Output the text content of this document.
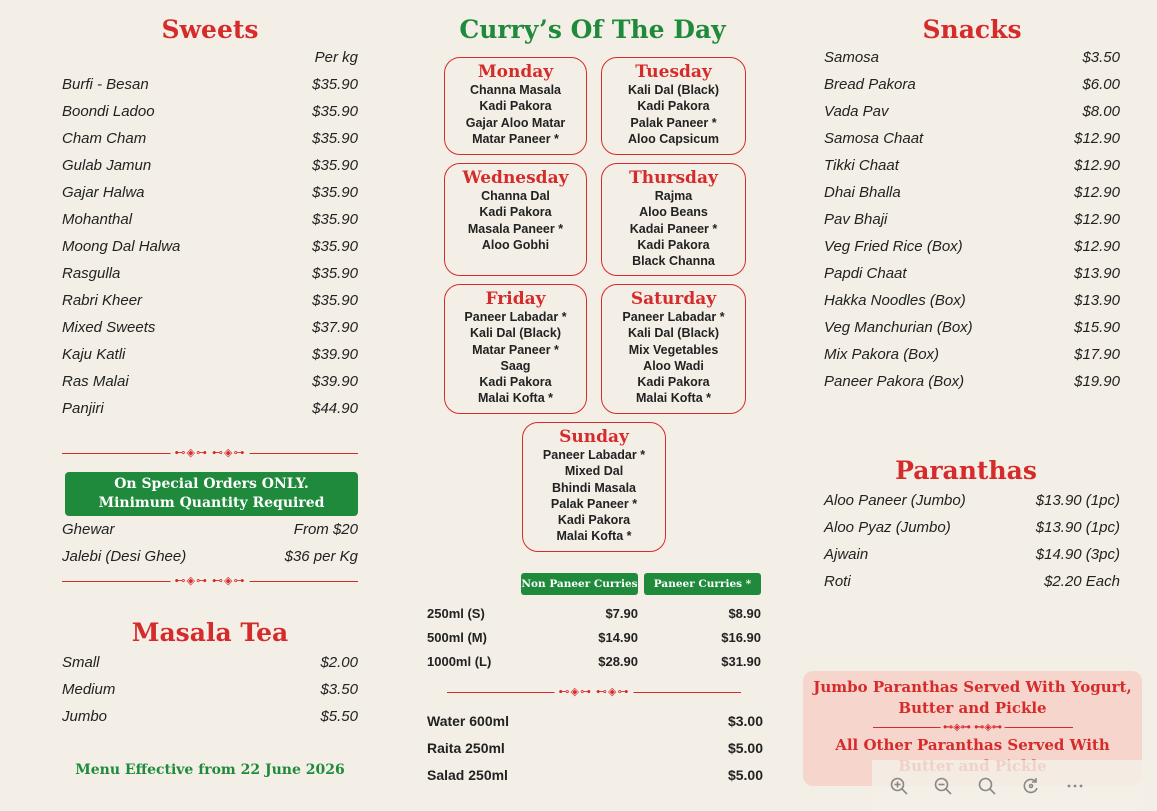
Sweets
Per kg
Burfi - Besan	$35.90
Boondi Ladoo	$35.90
Cham Cham	$35.90
Gulab Jamun	$35.90
Gajar Halwa	$35.90
Mohanthal	$35.90
Moong Dal Halwa	$35.90
Rasgulla	$35.90
Rabri Kheer	$35.90
Mixed Sweets	$37.90
Kaju Katli	$39.90
Ras Malai	$39.90
Panjiri	$44.90
⊷◈⊶ ⊷◈⊶
On Special Orders ONLY.
Minimum Quantity Required
Ghewar	From $20
Jalebi (Desi Ghee)	$36 per Kg
⊷◈⊶ ⊷◈⊶
Masala Tea
Small	$2.00
Medium	$3.50
Jumbo	$5.50
Menu Effective from 22 June 2026
Curry’s Of The Day
Monday
Channa Masala
Kadi Pakora
Gajar Aloo Matar
Matar Paneer *
Tuesday
Kali Dal (Black)
Kadi Pakora
Palak Paneer *
Aloo Capsicum
Wednesday
Channa Dal
Kadi Pakora
Masala Paneer *
Aloo Gobhi
Thursday
Rajma
Aloo Beans
Kadai Paneer *
Kadi Pakora
Black Channa
Friday
Paneer Labadar *
Kali Dal (Black)
Matar Paneer *
Saag
Kadi Pakora
Malai Kofta *
Saturday
Paneer Labadar *
Kali Dal (Black)
Mix Vegetables
Aloo Wadi
Kadi Pakora
Malai Kofta *
Sunday
Paneer Labadar *
Mixed Dal
Bhindi Masala
Palak Paneer *
Kadi Pakora
Malai Kofta *
Non Paneer Curries	Paneer Curries *
250ml (S)	$7.90	$8.90
500ml (M)	$14.90	$16.90
1000ml (L)	$28.90	$31.90
⊷◈⊶ ⊷◈⊶
Water 600ml	$3.00
Raita 250ml	$5.00
Salad 250ml	$5.00
Snacks
Samosa	$3.50
Bread Pakora	$6.00
Vada Pav	$8.00
Samosa Chaat	$12.90
Tikki Chaat	$12.90
Dhai Bhalla	$12.90
Pav Bhaji	$12.90
Veg Fried Rice (Box)	$12.90
Papdi Chaat	$13.90
Hakka Noodles (Box)	$13.90
Veg Manchurian (Box)	$15.90
Mix Pakora (Box)	$17.90
Paneer Pakora (Box)	$19.90
Paranthas
Aloo Paneer (Jumbo)	$13.90 (1pc)
Aloo Pyaz (Jumbo)	$13.90 (1pc)
Ajwain	$14.90 (3pc)
Roti	$2.20 Each
Jumbo Paranthas Served With Yogurt,
Butter and Pickle
⊷◈⊶ ⊷◈⊶
All Other Paranthas Served With
